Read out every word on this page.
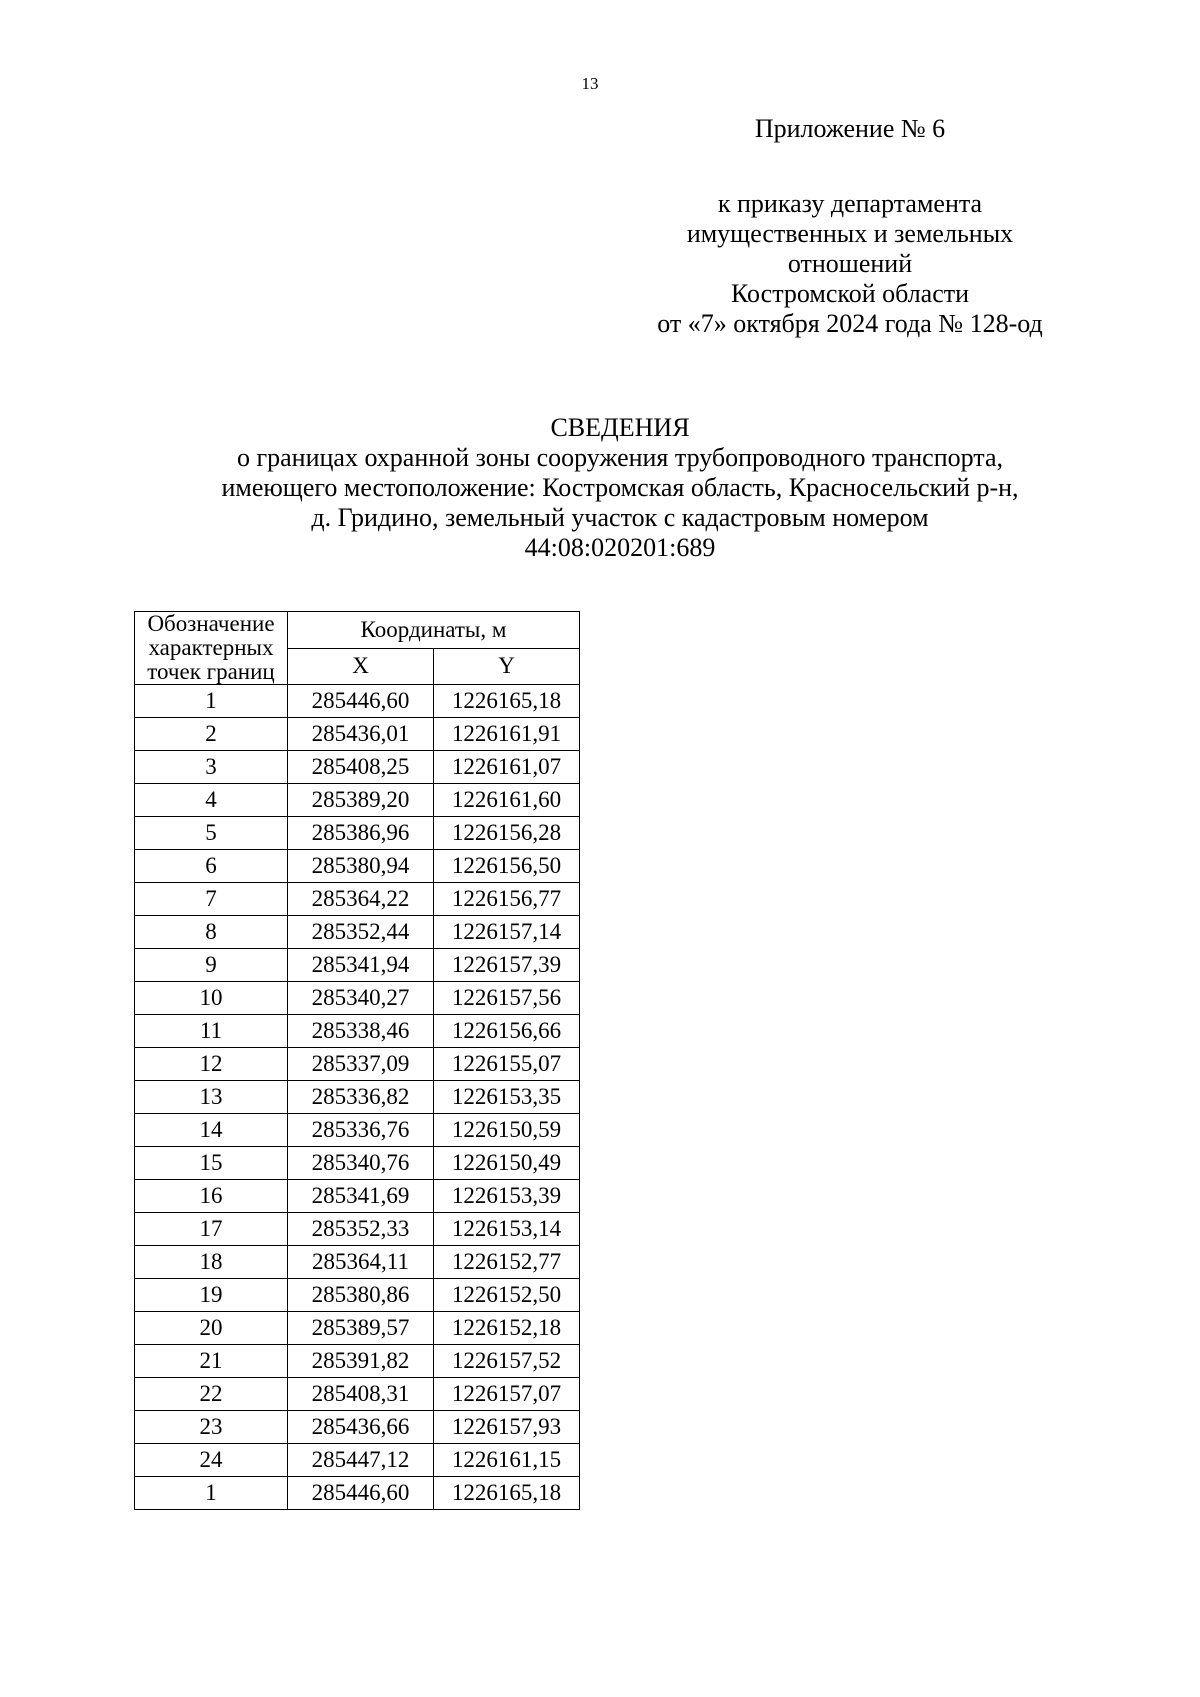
13
Приложение № 6
к приказу департамента
имущественных и земельных
отношений
Костромской области
от «7» октября 2024 года № 128-од
СВЕДЕНИЯ
о границах охранной зоны сооружения трубопроводного транспорта,
имеющего местоположение: Костромская область, Красносельский р-н,
д. Гридино, земельный участок с кадастровым номером
44:08:020201:689
Обозначение
характерных
точек границ	Координаты, м	
	X	Y
1	285446,60	1226165,18
2	285436,01	1226161,91
3	285408,25	1226161,07
4	285389,20	1226161,60
5	285386,96	1226156,28
6	285380,94	1226156,50
7	285364,22	1226156,77
8	285352,44	1226157,14
9	285341,94	1226157,39
10	285340,27	1226157,56
11	285338,46	1226156,66
12	285337,09	1226155,07
13	285336,82	1226153,35
14	285336,76	1226150,59
15	285340,76	1226150,49
16	285341,69	1226153,39
17	285352,33	1226153,14
18	285364,11	1226152,77
19	285380,86	1226152,50
20	285389,57	1226152,18
21	285391,82	1226157,52
22	285408,31	1226157,07
23	285436,66	1226157,93
24	285447,12	1226161,15
1	285446,60	1226165,18
